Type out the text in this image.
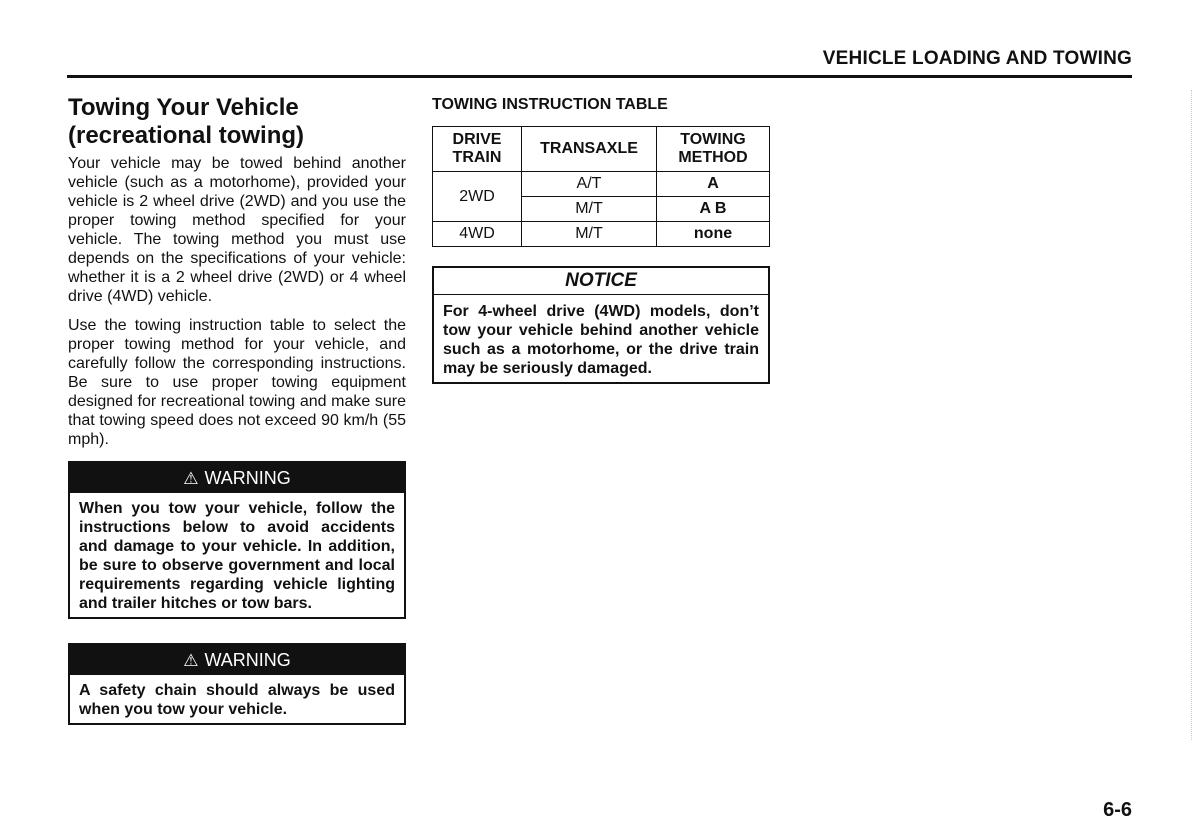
VEHICLE LOADING AND TOWING
Towing Your Vehicle (recreational towing)

Your vehicle may be towed behind another vehicle (such as a motorhome), provided your vehicle is 2 wheel drive (2WD) and you use the proper towing method specified for your vehicle. The towing method you must use depends on the specifications of your vehicle: whether it is a 2 wheel drive (2WD) or 4 wheel drive (4WD) vehicle.

Use the towing instruction table to select the proper towing method for your vehicle, and carefully follow the corresponding instructions. Be sure to use proper towing equipment designed for recreational towing and make sure that towing speed does not exceed 90 km/h (55 mph).

⚠ WARNING
When you tow your vehicle, follow the instructions below to avoid accidents and damage to your vehicle. In addition, be sure to observe government and local requirements regarding vehicle lighting and trailer hitches or tow bars.
⚠ WARNING
A safety chain should always be used when you tow your vehicle.
TOWING INSTRUCTION TABLE
DRIVE TRAIN	TRANSAXLE	TOWING METHOD
2WD	A/T	A
	M/T	A B
4WD	M/T	none
NOTICE
For 4-wheel drive (4WD) models, don’t tow your vehicle behind another vehicle such as a motorhome, or the drive train may be seriously damaged.
6-6
